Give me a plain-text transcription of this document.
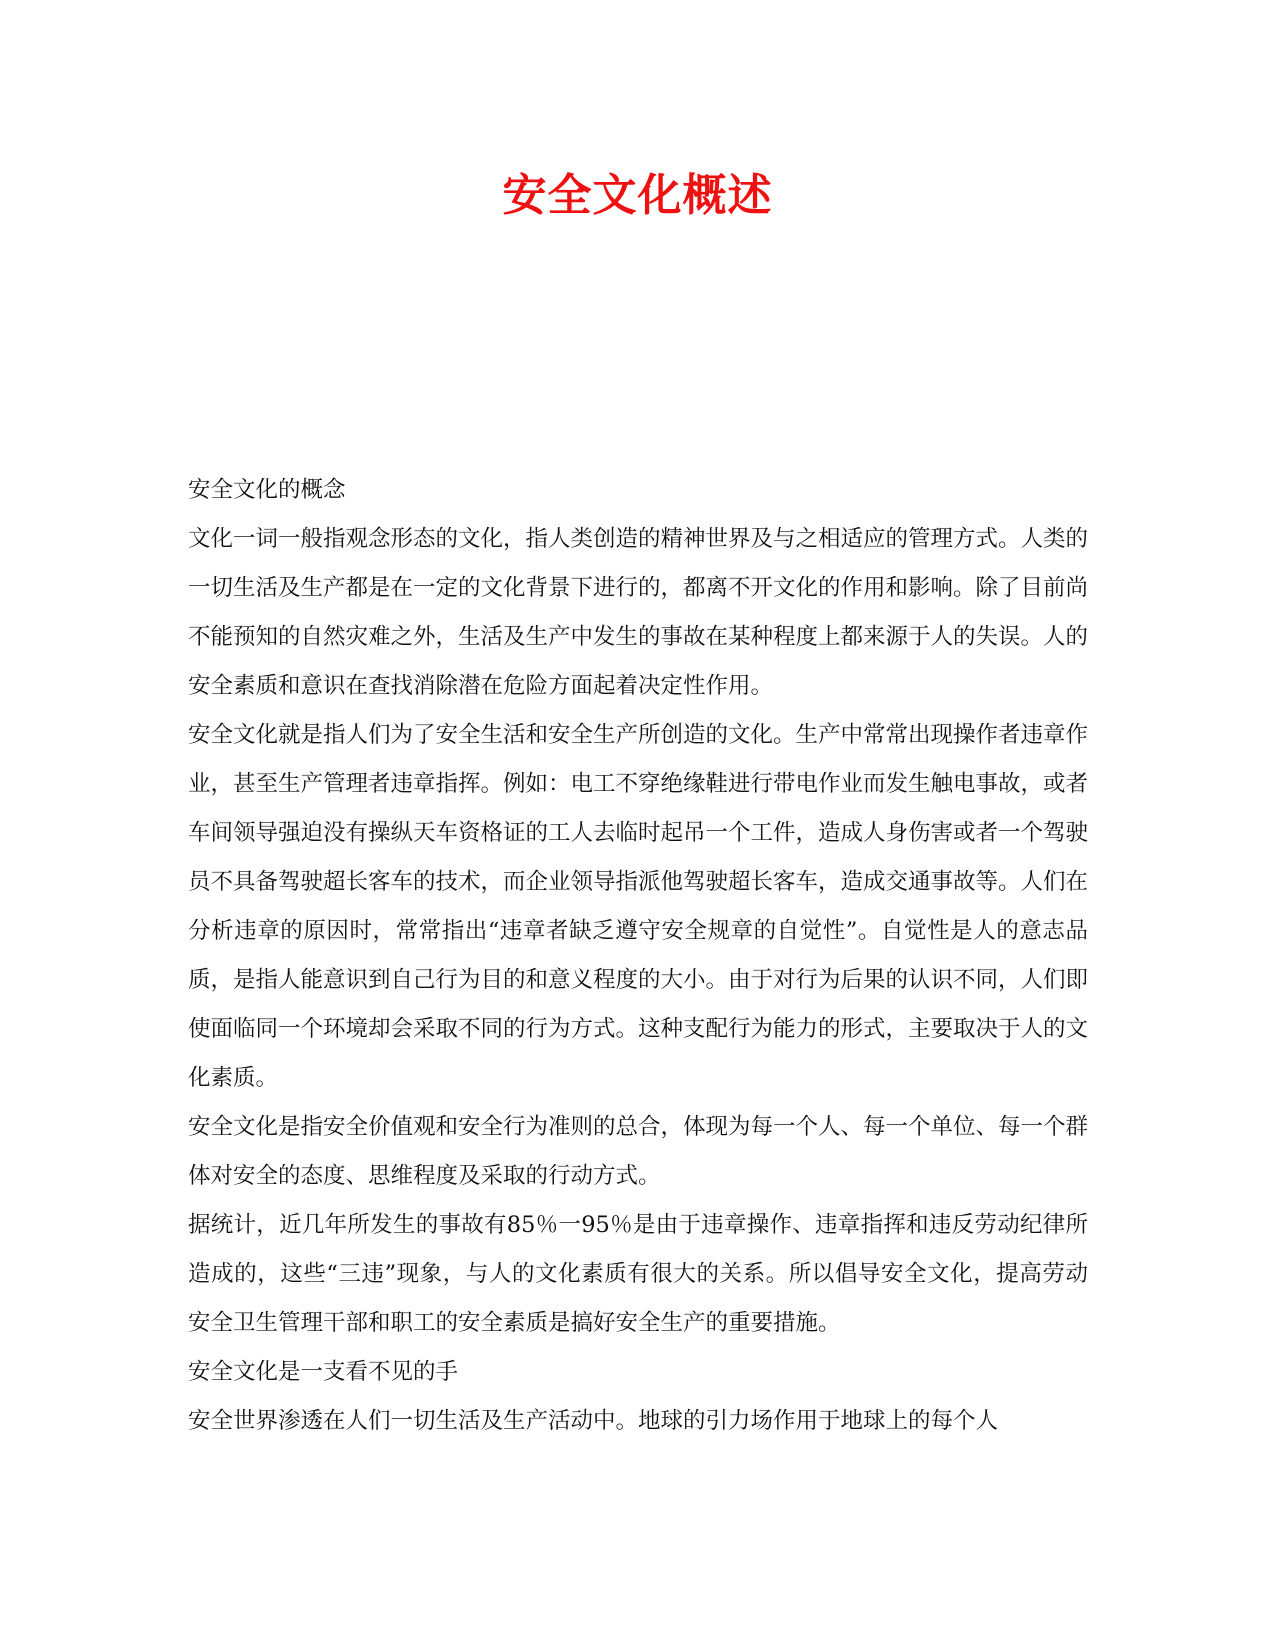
安全文化概述

安全文化的概念

文化一词一般指观念形态的文化，指人类创造的精神世界及与之相适应的管理方式。人类的一切生活及生产都是在一定的文化背景下进行的，都离不开文化的作用和影响。除了目前尚不能预知的自然灾难之外，生活及生产中发生的事故在某种程度上都来源于人的失误。人的安全素质和意识在查找消除潜在危险方面起着决定性作用。

安全文化就是指人们为了安全生活和安全生产所创造的文化。生产中常常出现操作者违章作业，甚至生产管理者违章指挥。例如：电工不穿绝缘鞋进行带电作业而发生触电事故，或者车间领导强迫没有操纵天车资格证的工人去临时起吊一个工件，造成人身伤害或者一个驾驶员不具备驾驶超长客车的技术，而企业领导指派他驾驶超长客车，造成交通事故等。人们在分析违章的原因时，常常指出“违章者缺乏遵守安全规章的自觉性”。自觉性是人的意志品质，是指人能意识到自己行为目的和意义程度的大小。由于对行为后果的认识不同，人们即使面临同一个环境却会采取不同的行为方式。这种支配行为能力的形式，主要取决于人的文化素质。

安全文化是指安全价值观和安全行为准则的总合，体现为每一个人、每一个单位、每一个群体对安全的态度、思维程度及采取的行动方式。

据统计，近几年所发生的事故有85％一95％是由于违章操作、违章指挥和违反劳动纪律所造成的，这些“三违”现象，与人的文化素质有很大的关系。所以倡导安全文化，提高劳动安全卫生管理干部和职工的安全素质是搞好安全生产的重要措施。

安全文化是一支看不见的手

安全世界渗透在人们一切生活及生产活动中。地球的引力场作用于地球上的每个人
